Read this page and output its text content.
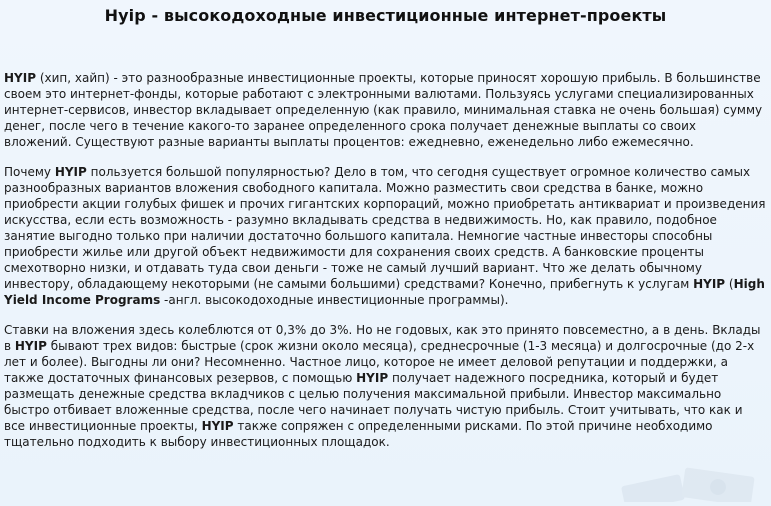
Hyip - высокодоходные инвестиционные интернет-проекты

HYIP (хип, хайп) - это разнообразные инвестиционные проекты, которые приносят хорошую прибыль. В большинстве своем это интернет-фонды, которые работают с электронными валютами. Пользуясь услугами специализированных интернет-сервисов, инвестор вкладывает определенную (как правило, минимальная ставка не очень большая) сумму денег, после чего в течение какого-то заранее определенного срока получает денежные выплаты со своих вложений. Существуют разные варианты выплаты процентов: ежедневно, еженедельно либо ежемесячно.

Почему HYIP пользуется большой популярностью? Дело в том, что сегодня существует огромное количество самых разнообразных вариантов вложения свободного капитала. Можно разместить свои средства в банке, можно приобрести акции голубых фишек и прочих гигантских корпораций, можно приобретать антиквариат и произведения искусства, если есть возможность - разумно вкладывать средства в недвижимость. Но, как правило, подобное занятие выгодно только при наличии достаточно большого капитала. Немногие частные инвесторы способны приобрести жилье или другой объект недвижимости для сохранения своих средств. А банковские проценты смехотворно низки, и отдавать туда свои деньги - тоже не самый лучший вариант. Что же делать обычному инвестору, обладающему некоторыми (не самыми большими) средствами? Конечно, прибегнуть к услугам HYIP (High Yield Income Programs -англ. высокодоходные инвестиционные программы).

Ставки на вложения здесь колеблются от 0,3% до 3%. Но не годовых, как это принято повсеместно, а в день. Вклады в HYIP бывают трех видов: быстрые (срок жизни около месяца), среднесрочные (1-3 месяца) и долгосрочные (до 2-х лет и более). Выгодны ли они? Несомненно. Частное лицо, которое не имеет деловой репутации и поддержки, а также достаточных финансовых резервов, с помощью HYIP получает надежного посредника, который и будет размещать денежные средства вкладчиков с целью получения максимальной прибыли. Инвестор максимально быстро отбивает вложенные средства, после чего начинает получать чистую прибыль. Стоит учитывать, что как и все инвестиционные проекты, HYIP также сопряжен с определенными рисками. По этой причине необходимо тщательно подходить к выбору инвестиционных площадок.
